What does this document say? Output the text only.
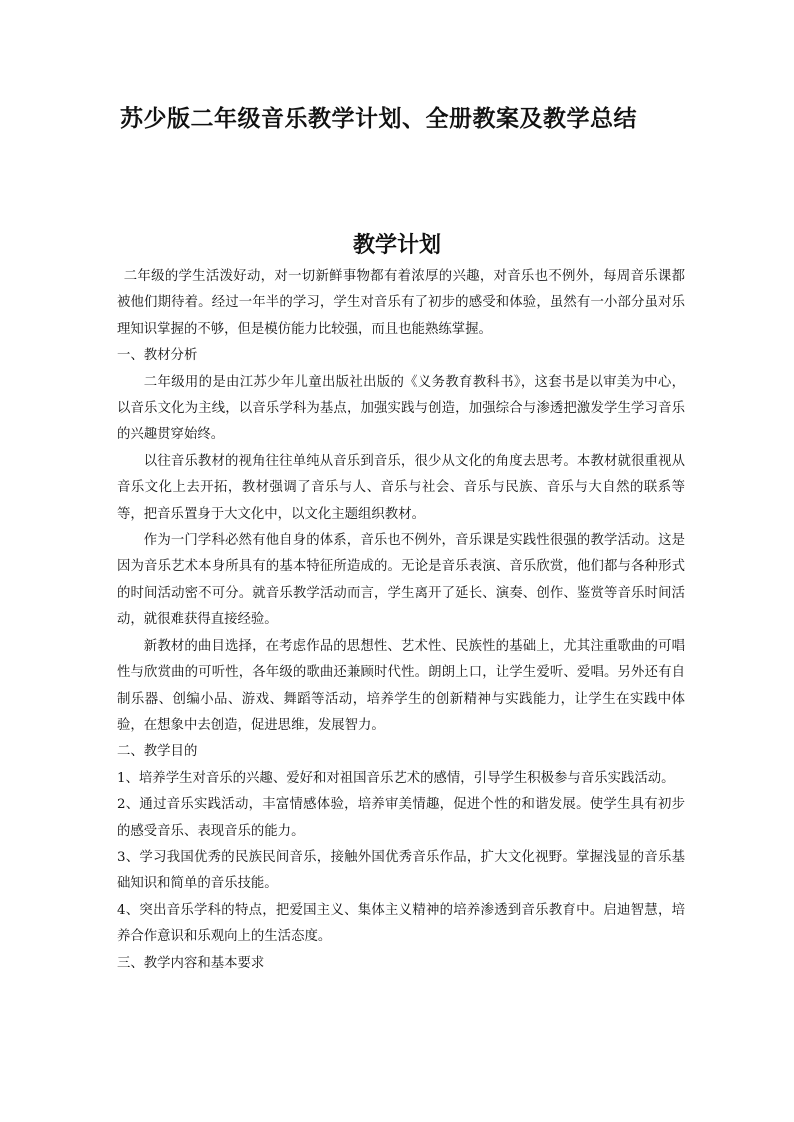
苏少版二年级音乐教学计划、全册教案及教学总结
教学计划

二年级的学生活泼好动，对一切新鲜事物都有着浓厚的兴趣，对音乐也不例外，每周音乐课都被他们期待着。经过一年半的学习，学生对音乐有了初步的感受和体验，虽然有一小部分虽对乐理知识掌握的不够，但是模仿能力比较强，而且也能熟练掌握。

一、教材分析

二年级用的是由江苏少年儿童出版社出版的《义务教育教科书》，这套书是以审美为中心，以音乐文化为主线，以音乐学科为基点，加强实践与创造，加强综合与渗透把激发学生学习音乐的兴趣贯穿始终。

以往音乐教材的视角往往单纯从音乐到音乐，很少从文化的角度去思考。本教材就很重视从音乐文化上去开拓，教材强调了音乐与人、音乐与社会、音乐与民族、音乐与大自然的联系等等，把音乐置身于大文化中，以文化主题组织教材。

作为一门学科必然有他自身的体系，音乐也不例外，音乐课是实践性很强的教学活动。这是因为音乐艺术本身所具有的基本特征所造成的。无论是音乐表演、音乐欣赏，他们都与各种形式的时间活动密不可分。就音乐教学活动而言，学生离开了延长、演奏、创作、鉴赏等音乐时间活动，就很难获得直接经验。

新教材的曲目选择，在考虑作品的思想性、艺术性、民族性的基础上，尤其注重歌曲的可唱性与欣赏曲的可听性，各年级的歌曲还兼顾时代性。朗朗上口，让学生爱听、爱唱。另外还有自制乐器、创编小品、游戏、舞蹈等活动，培养学生的创新精神与实践能力，让学生在实践中体验，在想象中去创造，促进思维，发展智力。

二、教学目的

1、培养学生对音乐的兴趣、爱好和对祖国音乐艺术的感情，引导学生积极参与音乐实践活动。

2、通过音乐实践活动，丰富情感体验，培养审美情趣，促进个性的和谐发展。使学生具有初步的感受音乐、表现音乐的能力。

3、学习我国优秀的民族民间音乐，接触外国优秀音乐作品，扩大文化视野。掌握浅显的音乐基础知识和简单的音乐技能。

4、突出音乐学科的特点，把爱国主义、集体主义精神的培养渗透到音乐教育中。启迪智慧，培养合作意识和乐观向上的生活态度。

三、教学内容和基本要求
